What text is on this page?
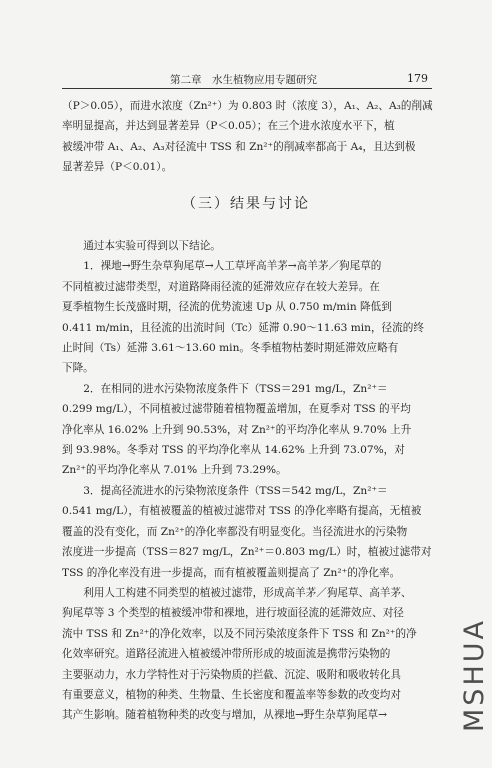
第二章　水生植物应用专题研究	179

（P＞0.05），而进水浓度（Zn²⁺）为 0.803 时（浓度 3），A₁、A₂、A₃的削减

率明显提高，并达到显著差异（P＜0.05）；在三个进水浓度水平下，植

被缓冲带 A₁、A₂、A₃对径流中 TSS 和 Zn²⁺的削减率都高于 A₄，且达到极

显著差异（P＜0.01）。

（三）结果与讨论

通过本实验可得到以下结论。

1．裸地→野生杂草狗尾草→人工草坪高羊茅→高羊茅／狗尾草的

不同植被过滤带类型，对道路降雨径流的延滞效应存在较大差异。在

夏季植物生长茂盛时期，径流的优势流速 Up 从 0.750 m/min 降低到

0.411 m/min，且径流的出流时间（Tc）延滞 0.90～11.63 min，径流的终

止时间（Ts）延滞 3.61～13.60 min。冬季植物枯萎时期延滞效应略有

下降。

2．在相同的进水污染物浓度条件下（TSS＝291 mg/L，Zn²⁺＝

0.299 mg/L），不同植被过滤带随着植物覆盖增加，在夏季对 TSS 的平均

净化率从 16.02% 上升到 90.53%，对 Zn²⁺的平均净化率从 9.70% 上升

到 93.98%。冬季对 TSS 的平均净化率从 14.62% 上升到 73.07%，对

Zn²⁺的平均净化率从 7.01% 上升到 73.29%。

3．提高径流进水的污染物浓度条件（TSS＝542 mg/L，Zn²⁺＝

0.541 mg/L），有植被覆盖的植被过滤带对 TSS 的净化率略有提高，无植被

覆盖的没有变化，而 Zn²⁺的净化率都没有明显变化。当径流进水的污染物

浓度进一步提高（TSS＝827 mg/L，Zn²⁺＝0.803 mg/L）时，植被过滤带对

TSS 的净化率没有进一步提高，而有植被覆盖则提高了 Zn²⁺的净化率。

利用人工构建不同类型的植被过滤带，形成高羊茅／狗尾草、高羊茅、

狗尾草等 3 个类型的植被缓冲带和裸地，进行坡面径流的延滞效应、对径

流中 TSS 和 Zn²⁺的净化效率，以及不同污染浓度条件下 TSS 和 Zn²⁺的净

化效率研究。道路径流进入植被缓冲带所形成的坡面流是携带污染物的

主要驱动力，水力学特性对于污染物质的拦截、沉淀、吸附和吸收转化具

有重要意义，植物的种类、生物量、生长密度和覆盖率等参数的改变均对

其产生影响。随着植物种类的改变与增加，从裸地→野生杂草狗尾草→	MSHUA
